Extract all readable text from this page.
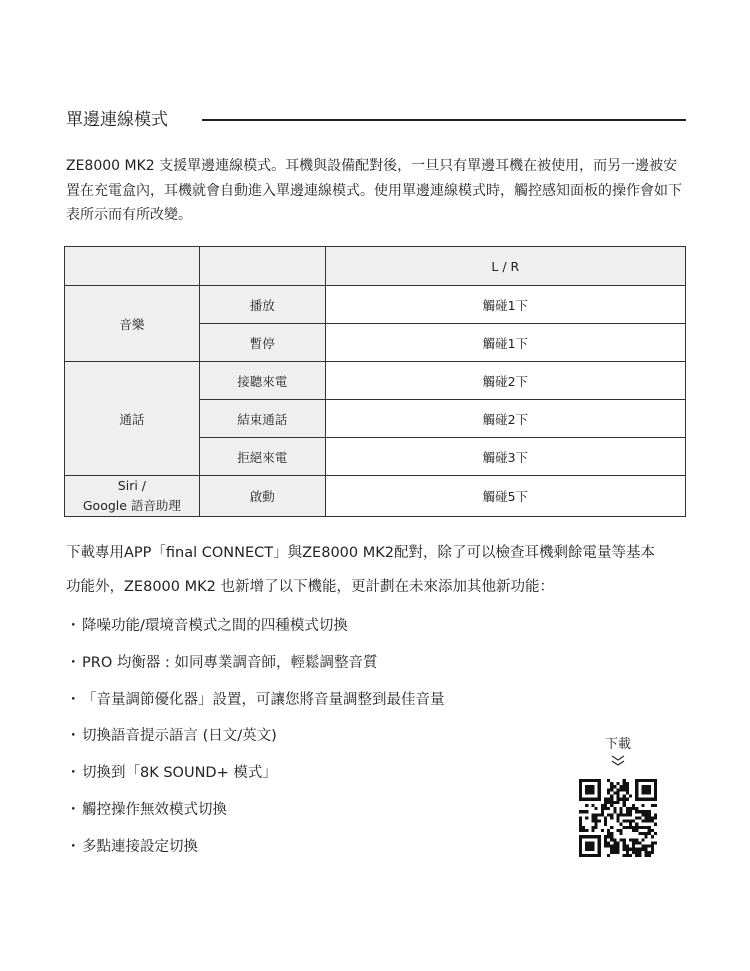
單邊連線模式

ZE8000 MK2 支援單邊連線模式。耳機與設備配對後，一旦只有單邊耳機在被使用，而另一邊被安置在充電盒內，耳機就會自動進入單邊連線模式。使用單邊連線模式時，觸控感知面板的操作會如下表所示而有所改變。

		L / R
音樂	播放	觸碰1下
	暫停	觸碰1下
通話	接聽來電	觸碰2下
	結束通話	觸碰2下
	拒絕來電	觸碰3下

Siri /
Google 語音助理	啟動	觸碰5下

下載專用APP「final CONNECT」與ZE8000 MK2配對，除了可以檢查耳機剩餘電量等基本

功能外，ZE8000 MK2 也新增了以下機能，更計劃在未來添加其他新功能：

・ 降噪功能/環境音模式之間的四種模式切換
・ PRO 均衡器 : 如同專業調音師，輕鬆調整音質
・ 「音量調節優化器」設置，可讓您將音量調整到最佳音量
・ 切換語音提示語言 (日文/英文)
・ 切換到「8K SOUND+ 模式」
・ 觸控操作無效模式切換
・ 多點連接設定切換
下載
